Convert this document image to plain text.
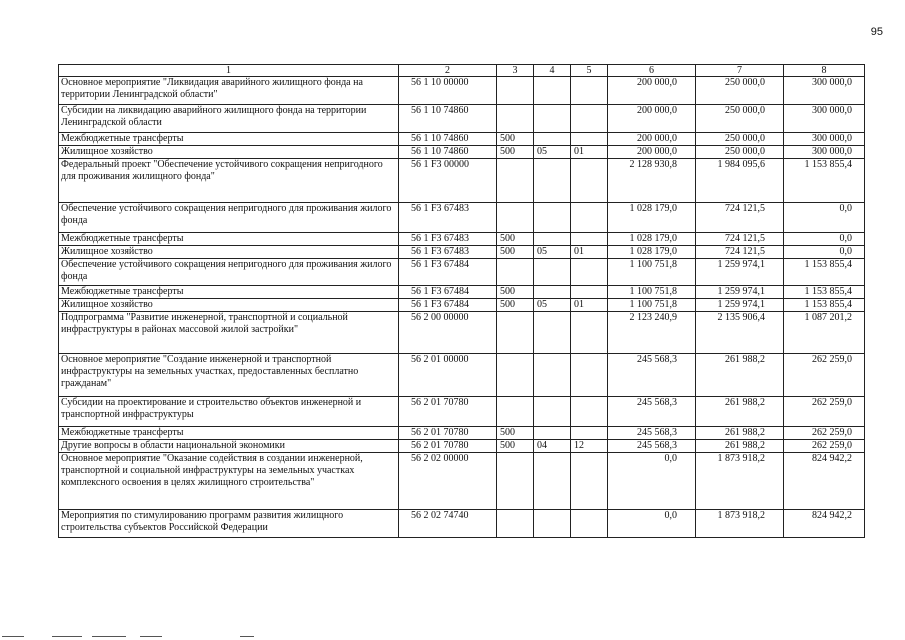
95
1	2	3	4	5	6	7	8
Основное мероприятие "Ликвидация аварийного жилищного фонда на территории Ленинградской области"	56 1 10 00000				200 000,0	250 000,0	300 000,0
Субсидии на ликвидацию аварийного жилищного фонда на территории Ленинградской области	56 1 10 74860				200 000,0	250 000,0	300 000,0
Межбюджетные трансферты	56 1 10 74860	500			200 000,0	250 000,0	300 000,0
Жилищное хозяйство	56 1 10 74860	500	05	01	200 000,0	250 000,0	300 000,0
Федеральный проект "Обеспечение устойчивого сокращения непригодного для проживания жилищного фонда"	56 1 F3 00000				2 128 930,8	1 984 095,6	1 153 855,4
Обеспечение устойчивого сокращения непригодного для проживания жилого фонда	56 1 F3 67483				1 028 179,0	724 121,5	0,0
Межбюджетные трансферты	56 1 F3 67483	500			1 028 179,0	724 121,5	0,0
Жилищное хозяйство	56 1 F3 67483	500	05	01	1 028 179,0	724 121,5	0,0
Обеспечение устойчивого сокращения непригодного для проживания жилого фонда	56 1 F3 67484				1 100 751,8	1 259 974,1	1 153 855,4
Межбюджетные трансферты	56 1 F3 67484	500			1 100 751,8	1 259 974,1	1 153 855,4
Жилищное хозяйство	56 1 F3 67484	500	05	01	1 100 751,8	1 259 974,1	1 153 855,4
Подпрограмма "Развитие инженерной, транспортной и социальной инфраструктуры в районах массовой жилой застройки"	56 2 00 00000				2 123 240,9	2 135 906,4	1 087 201,2
Основное мероприятие "Создание инженерной и транспортной инфраструктуры на земельных участках, предоставленных бесплатно гражданам"	56 2 01 00000				245 568,3	261 988,2	262 259,0
Субсидии на проектирование и строительство объектов инженерной и транспортной инфраструктуры	56 2 01 70780				245 568,3	261 988,2	262 259,0
Межбюджетные трансферты	56 2 01 70780	500			245 568,3	261 988,2	262 259,0
Другие вопросы в области национальной экономики	56 2 01 70780	500	04	12	245 568,3	261 988,2	262 259,0
Основное мероприятие "Оказание содействия в создании инженерной, транспортной и социальной инфраструктуры на земельных участках комплексного освоения в целях жилищного строительства"	56 2 02 00000				0,0	1 873 918,2	824 942,2
Мероприятия по стимулированию программ развития жилищного строительства субъектов Российской Федерации	56 2 02 74740				0,0	1 873 918,2	824 942,2
